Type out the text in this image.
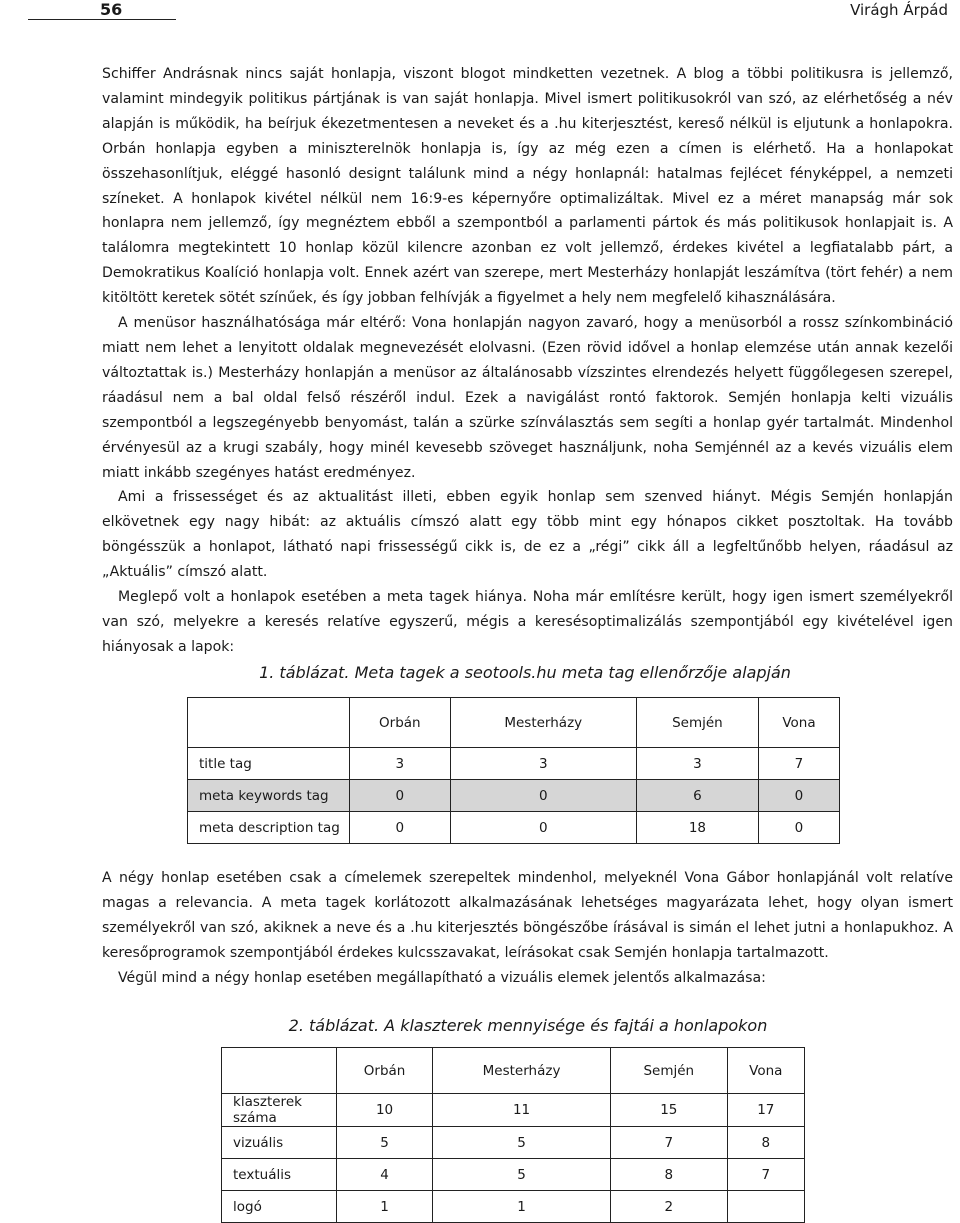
56	Virágh Árpád

Schiffer Andrásnak nincs saját honlapja, viszont blogot mindketten vezetnek. A blog a többi politikusra is jellemző, valamint mindegyik politikus pártjának is van saját honlapja. Mivel ismert politikusokról van szó, az elérhetőség a név alapján is működik, ha beírjuk ékezetmentesen a neveket és a .hu kiterjesztést, kereső nélkül is eljutunk a honlapokra. Orbán honlapja egyben a miniszterelnök honlapja is, így az még ezen a címen is elérhető. Ha a honlapokat összehasonlítjuk, eléggé hasonló designt találunk mind a négy honlapnál: hatalmas fejlécet fényképpel, a nemzeti színeket. A honlapok kivétel nélkül nem 16:9-es képernyőre optimalizáltak. Mivel ez a méret manapság már sok honlapra nem jellemző, így megnéztem ebből a szempontból a parlamenti pártok és más politikusok honlapjait is. A találomra megtekintett 10 honlap közül kilencre azonban ez volt jellemző, érdekes kivétel a legfiatalabb párt, a Demokratikus Koalíció honlapja volt. Ennek azért van szerepe, mert Mesterházy honlapját leszámítva (tört fehér) a nem kitöltött keretek sötét színűek, és így jobban felhívják a figyelmet a hely nem megfelelő kihasználására.

A menüsor használhatósága már eltérő: Vona honlapján nagyon zavaró, hogy a menüsorból a rossz színkombináció miatt nem lehet a lenyitott oldalak megnevezését elolvasni. (Ezen rövid idővel a honlap elemzése után annak kezelői változtattak is.) Mesterházy honlapján a menüsor az általánosabb vízszintes elrendezés helyett függőlegesen szerepel, ráadásul nem a bal oldal felső részéről indul. Ezek a navigálást rontó faktorok. Semjén honlapja kelti vizuális szempontból a legszegényebb benyomást, talán a szürke színválasztás sem segíti a honlap gyér tartalmát. Mindenhol érvényesül az a krugi szabály, hogy minél kevesebb szöveget használjunk, noha Semjénnél az a kevés vizuális elem miatt inkább szegényes hatást eredményez.

Ami a frissességet és az aktualitást illeti, ebben egyik honlap sem szenved hiányt. Mégis Semjén honlapján elkövetnek egy nagy hibát: az aktuális címszó alatt egy több mint egy hónapos cikket posztoltak. Ha tovább böngésszük a honlapot, látható napi frissességű cikk is, de ez a „régi” cikk áll a legfeltűnőbb helyen, ráadásul az „Aktuális” címszó alatt.

Meglepő volt a honlapok esetében a meta tagek hiánya. Noha már említésre került, hogy igen ismert személyekről van szó, melyekre a keresés relatíve egyszerű, mégis a keresésoptimalizálás szempontjából egy kivételével igen hiányosak a lapok:

1. táblázat. Meta tagek a seotools.hu meta tag ellenőrzője alapján
	Orbán	Mesterházy	Semjén	Vona
title tag	3	3	3	7
meta keywords tag	0	0	6	0
meta description tag	0	0	18	0

A négy honlap esetében csak a címelemek szerepeltek mindenhol, melyeknél Vona Gábor honlapjánál volt relatíve magas a relevancia. A meta tagek korlátozott alkalmazásának lehetséges magyarázata lehet, hogy olyan ismert személyekről van szó, akiknek a neve és a .hu kiterjesztés böngészőbe írásával is simán el lehet jutni a honlapukhoz. A keresőprogramok szempontjából érdekes kulcsszavakat, leírásokat csak Semjén honlapja tartalmazott.

Végül mind a négy honlap esetében megállapítható a vizuális elemek jelentős alkalmazása:

2. táblázat. A klaszterek mennyisége és fajtái a honlapokon
	Orbán	Mesterházy	Semjén	Vona
klaszterek száma	10	11	15	17
vizuális	5	5	7	8
textuális	4	5	8	7
logó	1	1	2	
